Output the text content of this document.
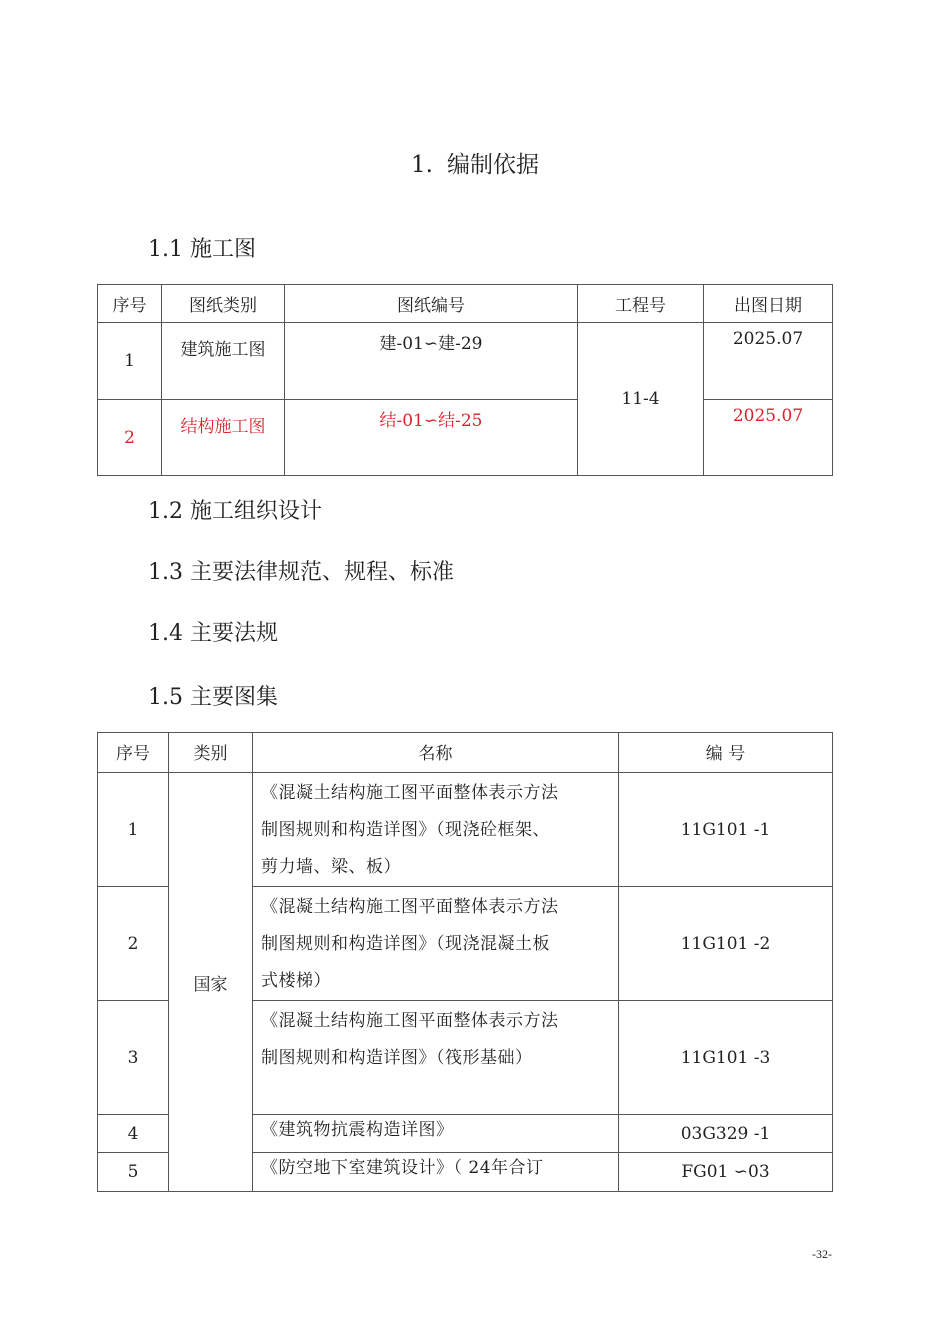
1. 编制依据
1.1 施工图
序号	图纸类别	图纸编号	工程号	出图日期
1	建筑施工图	建-01∽建-29	11-4	2025.07
2	结构施工图	结-01∽结-25		2025.07
1.2 施工组织设计
1.3 主要法律规范、规程、标准
1.4 主要法规
1.5 主要图集
序号	类别	名称	编 号
1	国家	《混凝土结构施工图平面整体表示方法
制图规则和构造详图》（现浇砼框架、
剪力墙、梁、板）	11G101 -1
2		《混凝土结构施工图平面整体表示方法
制图规则和构造详图》（现浇混凝土板
式楼梯）	11G101 -2
3		《混凝土结构施工图平面整体表示方法
制图规则和构造详图》（筏形基础）	11G101 -3
4		《建筑物抗震构造详图》	03G329 -1
5		《防空地下室建筑设计》（ 24年合订	FG01 ∽03
-32-
